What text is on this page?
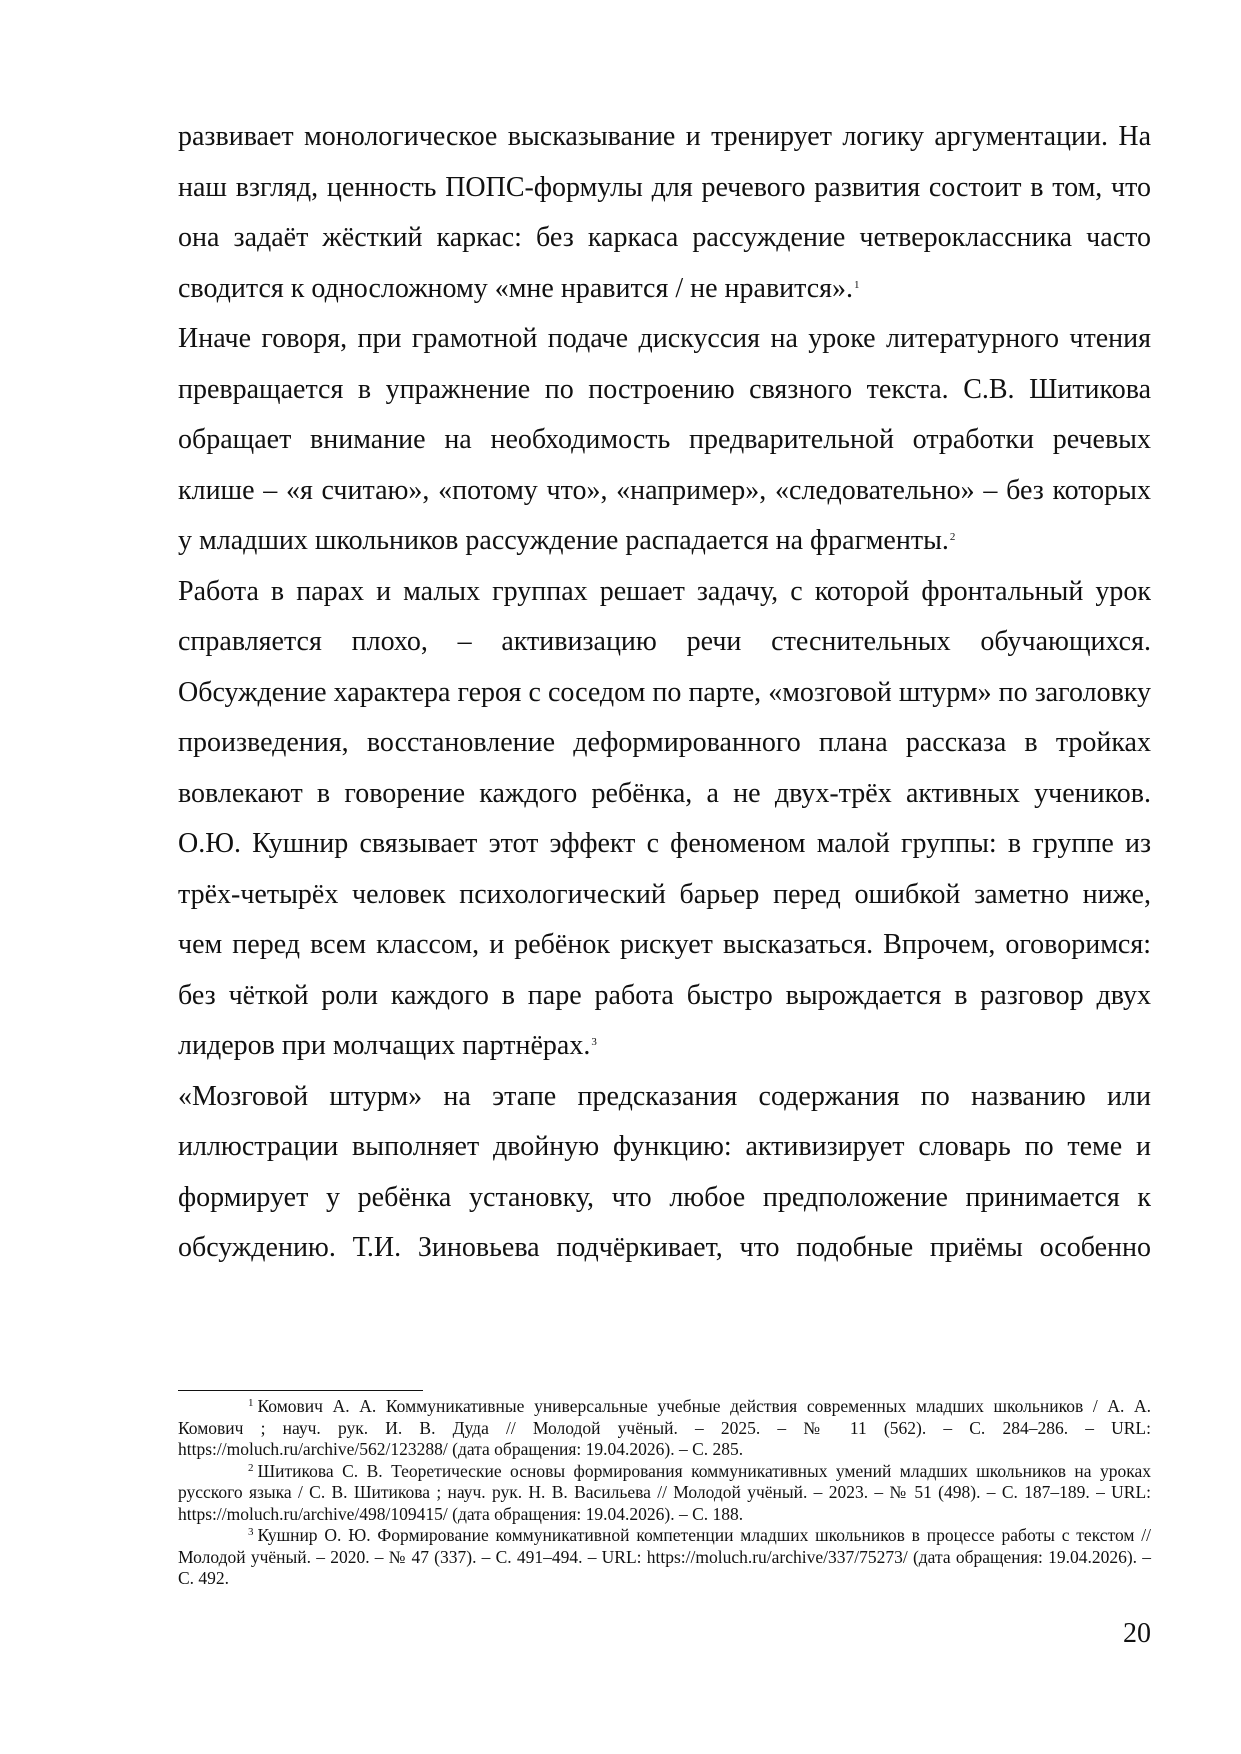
развивает монологическое высказывание и тренирует логику аргументации. На наш взгляд, ценность ПОПС-формулы для речевого развития состоит в том, что она задаёт жёсткий каркас: без каркаса рассуждение четвероклассника часто сводится к односложному «мне нравится / не нравится».$^1$

Иначе говоря, при грамотной подаче дискуссия на уроке литературного чтения превращается в упражнение по построению связного текста. С.В. Шитикова обращает внимание на необходимость предварительной отработки речевых клише – «я считаю», «потому что», «например», «следовательно» – без которых у младших школьников рассуждение распадается на фрагменты.$^2$

Работа в парах и малых группах решает задачу, с которой фронтальный урок справляется плохо, – активизацию речи стеснительных обучающихся. Обсуждение характера героя с соседом по парте, «мозговой штурм» по заголовку произведения, восстановление деформированного плана рассказа в тройках вовлекают в говорение каждого ребёнка, а не двух-трёх активных учеников. О.Ю. Кушнир связывает этот эффект с феноменом малой группы: в группе из трёх-четырёх человек психологический барьер перед ошибкой заметно ниже, чем перед всем классом, и ребёнок рискует высказаться. Впрочем, оговоримся: без чёткой роли каждого в паре работа быстро вырождается в разговор двух лидеров при молчащих партнёрах.$^3$

«Мозговой штурм» на этапе предсказания содержания по названию или иллюстрации выполняет двойную функцию: активизирует словарь по теме и формирует у ребёнка установку, что любое предположение принимается к обсуждению. Т.И. Зиновьева подчёркивает, что подобные приёмы особенно

$^1$ Комович А. А. Коммуникативные универсальные учебные действия современных младших школьников / А. А. Комович ; науч. рук. И. В. Дуда // Молодой учёный. – 2025. – № 11 (562). – С. 284–286. – URL: https://moluch.ru/archive/562/123288/ (дата обращения: 19.04.2026). – С. 285.

$^2$ Шитикова С. В. Теоретические основы формирования коммуникативных умений младших школьников на уроках русского языка / С. В. Шитикова ; науч. рук. Н. В. Васильева // Молодой учёный. – 2023. – № 51 (498). – С. 187–189. – URL: https://moluch.ru/archive/498/109415/ (дата обращения: 19.04.2026). – С. 188.

$^3$ Кушнир О. Ю. Формирование коммуникативной компетенции младших школьников в процессе работы с текстом // Молодой учёный. – 2020. – № 47 (337). – С. 491–494. – URL: https://moluch.ru/archive/337/75273/ (дата обращения: 19.04.2026). – С. 492.

20
